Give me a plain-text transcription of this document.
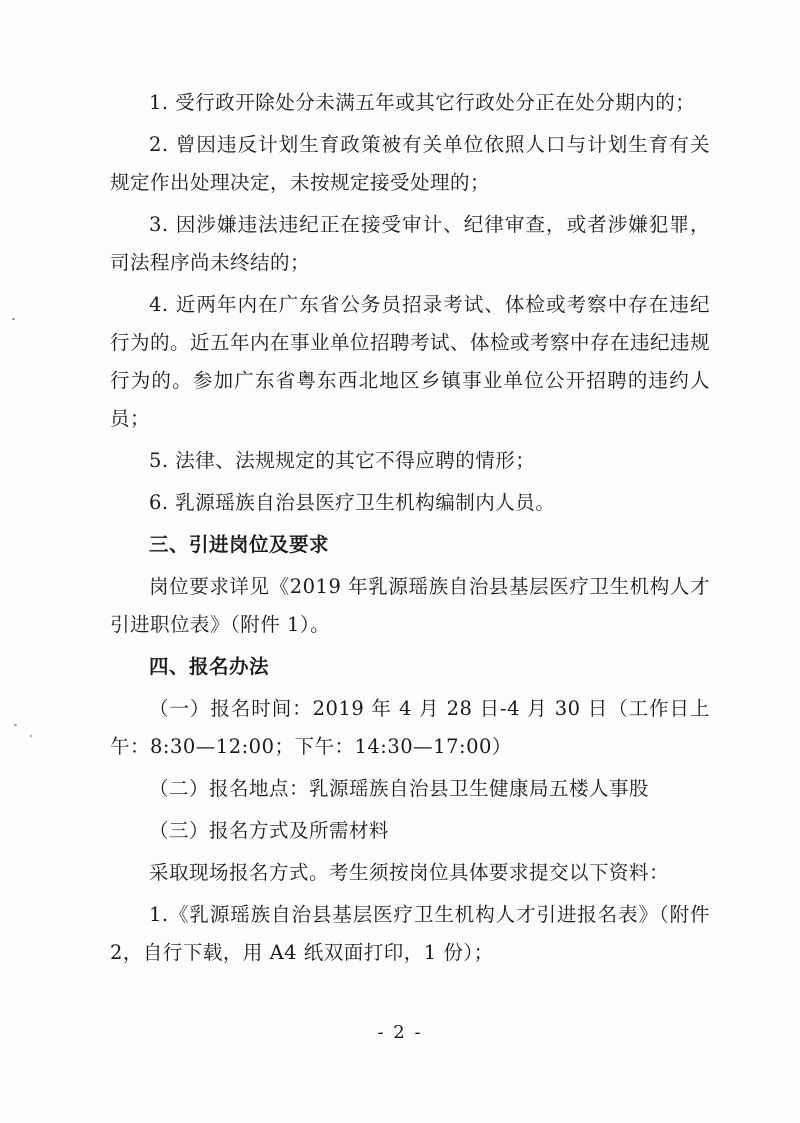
1. 受行政开除处分未满五年或其它行政处分正在处分期内的；

2. 曾因违反计划生育政策被有关单位依照人口与计划生育有关规定作出处理决定，未按规定接受处理的；

3. 因涉嫌违法违纪正在接受审计、纪律审查，或者涉嫌犯罪，司法程序尚未终结的；

4. 近两年内在广东省公务员招录考试、体检或考察中存在违纪行为的。近五年内在事业单位招聘考试、体检或考察中存在违纪违规行为的。参加广东省粤东西北地区乡镇事业单位公开招聘的违约人员；

5. 法律、法规规定的其它不得应聘的情形；

6. 乳源瑶族自治县医疗卫生机构编制内人员。

三、引进岗位及要求

岗位要求详见《2019 年乳源瑶族自治县基层医疗卫生机构人才引进职位表》（附件 1）。

四、报名办法

（一）报名时间：2019 年 4 月 28 日-4 月 30 日（工作日上午：8:30—12:00；下午：14:30—17:00）

（二）报名地点：乳源瑶族自治县卫生健康局五楼人事股

（三）报名方式及所需材料

采取现场报名方式。考生须按岗位具体要求提交以下资料：

1.《乳源瑶族自治县基层医疗卫生机构人才引进报名表》（附件 2，自行下载，用 A4 纸双面打印，1 份）；

- 2 -
